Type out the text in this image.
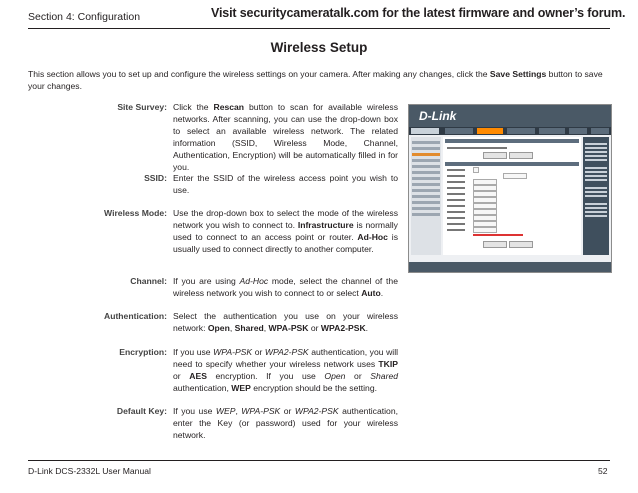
Section 4: Configuration	Visit securitycameratalk.com for the latest firmware and owner’s forum.
Wireless Setup
This section allows you to set up and configure the wireless settings on your camera. After making any changes, click the Save Settings button to save your changes.
Site Survey: Click the Rescan button to scan for available wireless networks. After scanning, you can use the drop-down box to select an available wireless network. The related information (SSID, Wireless Mode, Channel, Authentication, Encryption) will be automatically filled in for you.
SSID: Enter the SSID of the wireless access point you wish to use.
Wireless Mode: Use the drop-down box to select the mode of the wireless network you wish to connect to. Infrastructure is normally used to connect to an access point or router. Ad-Hoc is usually used to connect directly to another computer.
Channel: If you are using Ad-Hoc mode, select the channel of the wireless network you wish to connect to or select Auto.
Authentication: Select the authentication you use on your wireless network: Open, Shared, WPA-PSK or WPA2-PSK.
Encryption: If you use WPA-PSK or WPA2-PSK authentication, you will need to specify whether your wireless network uses TKIP or AES encryption. If you use Open or Shared authentication, WEP encryption should be the setting.
Default Key: If you use WEP, WPA-PSK or WPA2-PSK authentication, enter the Key (or password) used for your wireless network.
D-Link
D-Link DCS-2332L User Manual	52
